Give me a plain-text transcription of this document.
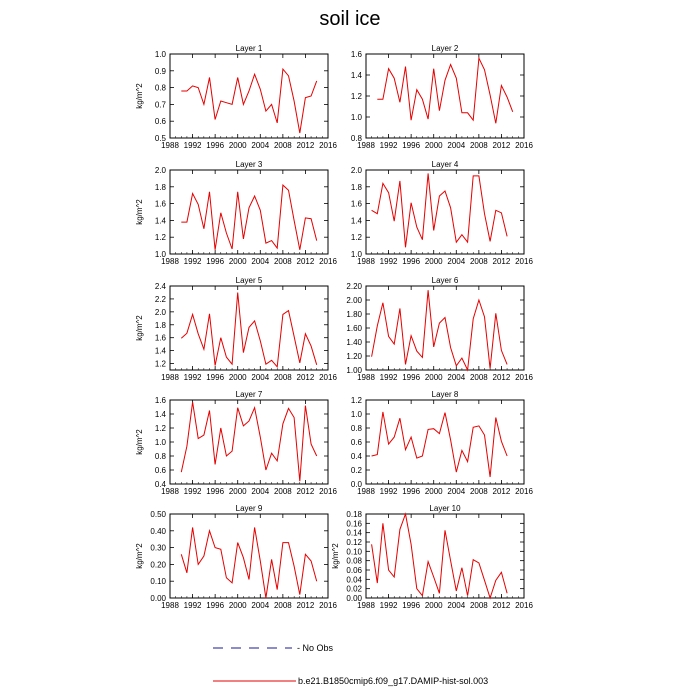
soil ice
Layer 1
1988 1992 1996 2000 2004 2008 2012 2016
0.5
0.6
0.7
0.8
0.9
1.0
kg/m^2
Layer 2
1988 1992 1996 2000 2004 2008 2012 2016
0.8
1.0
1.2
1.4
1.6
Layer 3
1988 1992 1996 2000 2004 2008 2012 2016
1.0
1.2
1.4
1.6
1.8
2.0
kg/m^2
Layer 4
1988 1992 1996 2000 2004 2008 2012 2016
1.0
1.2
1.4
1.6
1.8
2.0
Layer 5
1988 1992 1996 2000 2004 2008 2012 2016
1.2
1.4
1.6
1.8
2.0
2.2
2.4
kg/m^2
Layer 6
1988 1992 1996 2000 2004 2008 2012 2016
1.00
1.20
1.40
1.60
1.80
2.00
2.20
Layer 7
1988 1992 1996 2000 2004 2008 2012 2016
0.4
0.6
0.8
1.0
1.2
1.4
1.6
kg/m^2
Layer 8
1988 1992 1996 2000 2004 2008 2012 2016
0.0
0.2
0.4
0.6
0.8
1.0
1.2
Layer 9
1988 1992 1996 2000 2004 2008 2012 2016
0.00
0.10
0.20
0.30
0.40
0.50
kg/m^2
Layer 10
1988 1992 1996 2000 2004 2008 2012 2016
0.00
0.02
0.04
0.06
0.08
0.10
0.12
0.14
0.16
0.18
kg/m^2
- No Obs
b.e21.B1850cmip6.f09_g17.DAMIP-hist-sol.003
